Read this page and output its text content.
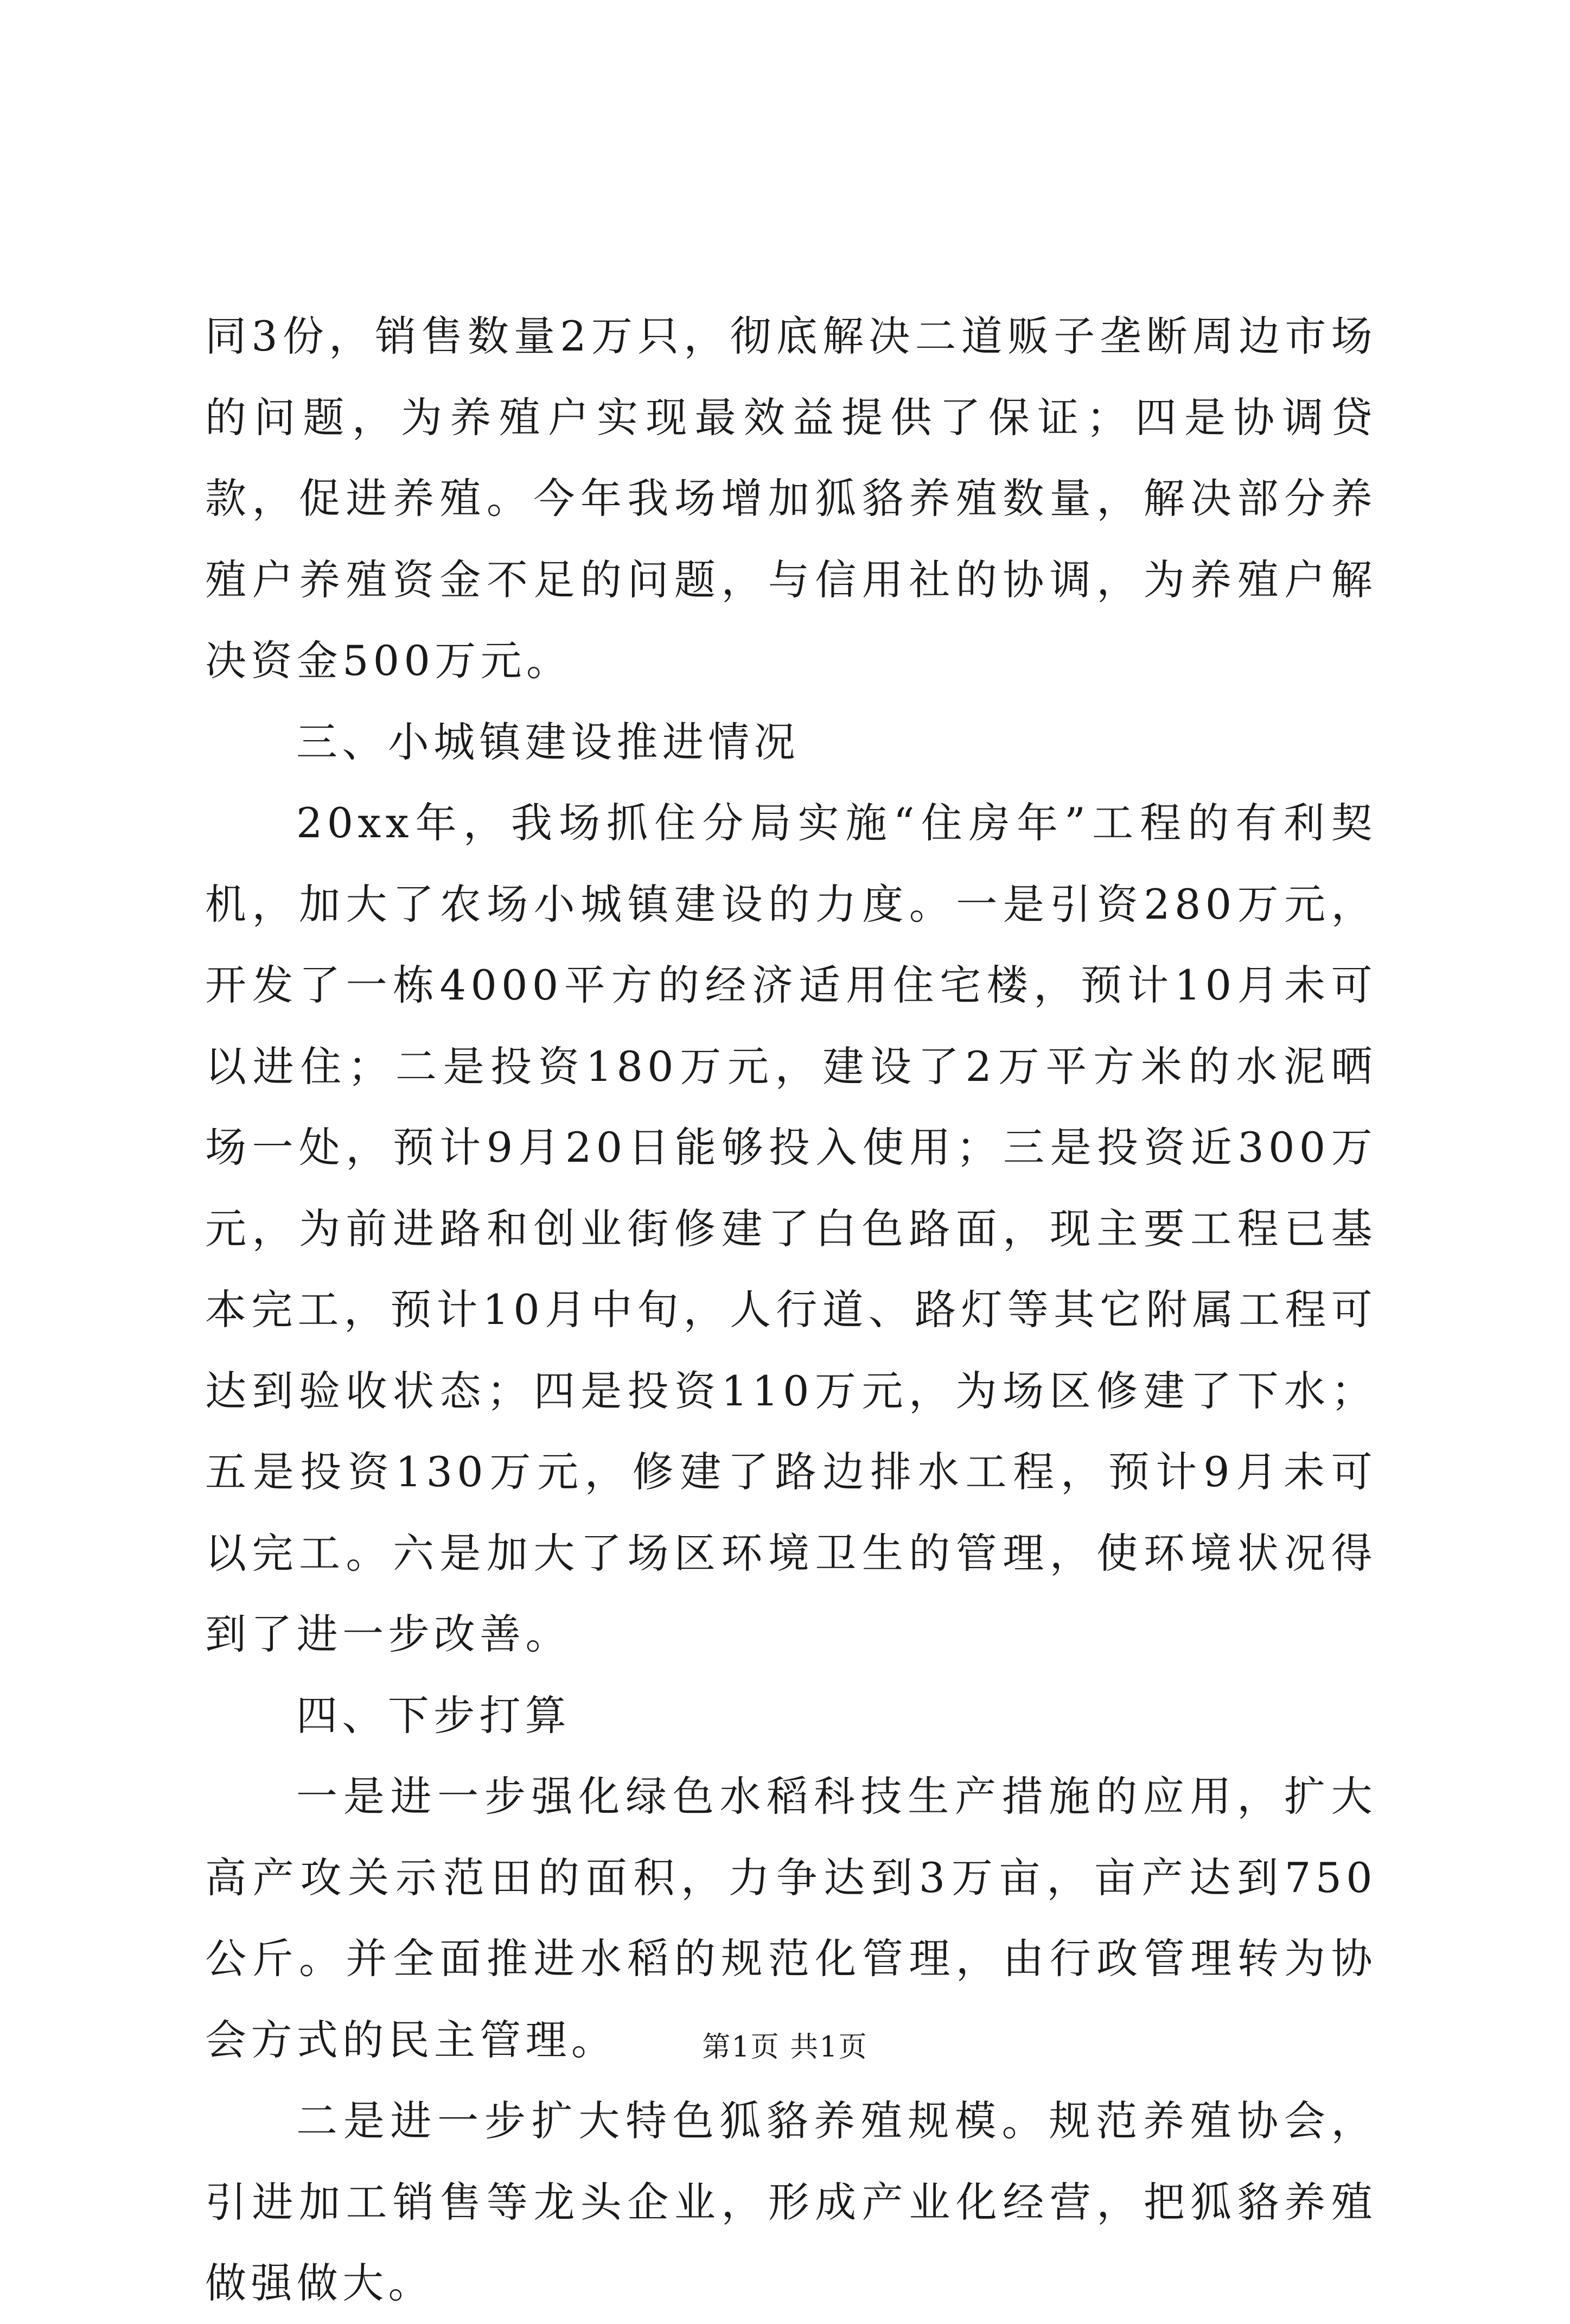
同3份，销售数量2万只，彻底解决二道贩子垄断周边市场的问题，为养殖户实现最效益提供了保证；四是协调贷款，促进养殖。今年我场增加狐貉养殖数量，解决部分养殖户养殖资金不足的问题，与信用社的协调，为养殖户解决资金500万元。

三、小城镇建设推进情况

20xx年，我场抓住分局实施“住房年”工程的有利契机，加大了农场小城镇建设的力度。一是引资280万元，开发了一栋4000平方的经济适用住宅楼，预计10月未可以进住；二是投资180万元，建设了2万平方米的水泥晒场一处，预计9月20日能够投入使用；三是投资近300万元，为前进路和创业街修建了白色路面，现主要工程已基本完工，预计10月中旬，人行道、路灯等其它附属工程可达到验收状态；四是投资110万元，为场区修建了下水；五是投资130万元，修建了路边排水工程，预计9月未可以完工。六是加大了场区环境卫生的管理，使环境状况得到了进一步改善。

四、下步打算

一是进一步强化绿色水稻科技生产措施的应用，扩大高产攻关示范田的面积，力争达到3万亩，亩产达到750公斤。并全面推进水稻的规范化管理，由行政管理转为协会方式的民主管理。

二是进一步扩大特色狐貉养殖规模。规范养殖协会，引进加工销售等龙头企业，形成产业化经营，把狐貉养殖做强做大。

第1页 共1页
